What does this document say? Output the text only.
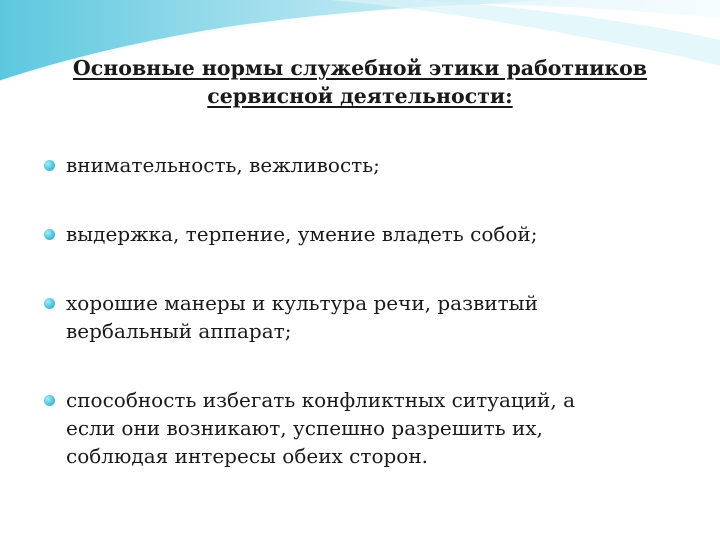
Основные нормы служебной этики работников
сервисной деятельности:
внимательность, вежливость;
выдержка, терпение, умение владеть собой;
хорошие манеры и культура речи, развитый
вербальный аппарат;
способность избегать конфликтных ситуаций, а
если они возникают, успешно разрешить их,
соблюдая интересы обеих сторон.
